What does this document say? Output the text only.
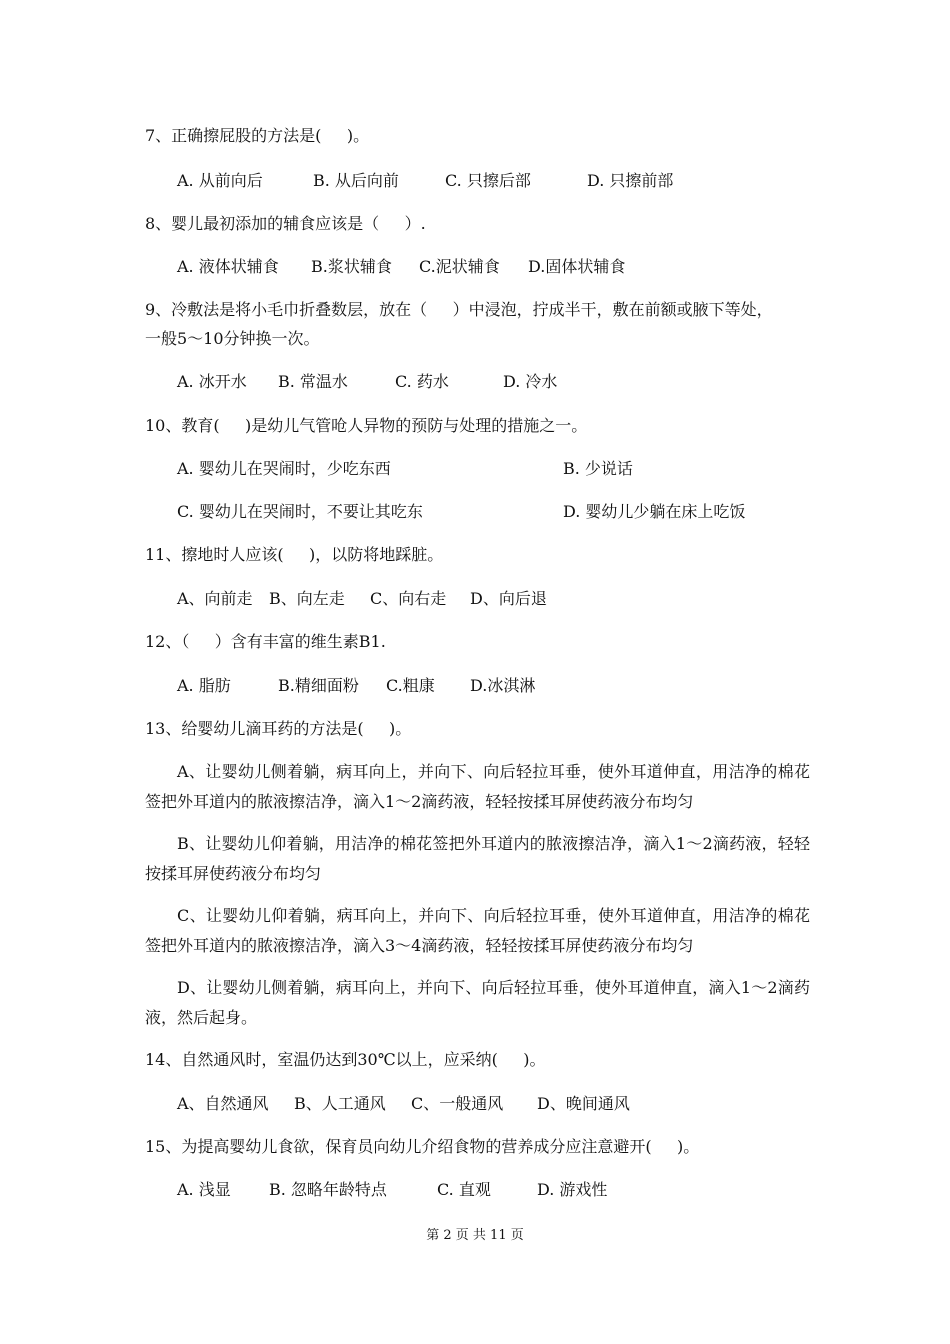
7、正确擦屁股的方法是(     )。
A. 从前向后	B. 从后向前	C. 只擦后部	D. 只擦前部
8、婴儿最初添加的辅食应该是（     ）.
A. 液体状辅食 B.浆状辅食 C.泥状辅食 D.固体状辅食
9、冷敷法是将小毛巾折叠数层，放在（     ）中浸泡，拧成半干，敷在前额或腋下等处，
一般5～10分钟换一次。
A. 冰开水 B. 常温水	C. 药水	D. 冷水
10、教育(     )是幼儿气管呛人异物的预防与处理的措施之一。
A. 婴幼儿在哭闹时，少吃东西	B. 少说话
C. 婴幼儿在哭闹时，不要让其吃东	D. 婴幼儿少躺在床上吃饭
11、擦地时人应该(     )，以防将地踩脏。
A、向前走 B、向左走 C、向右走 D、向后退
12、（     ）含有丰富的维生素B1.
A. 脂肪	B.精细面粉 C.粗康 D.冰淇淋
13、给婴幼儿滴耳药的方法是(     )。
A、让婴幼儿侧着躺，病耳向上，并向下、向后轻拉耳垂，使外耳道伸直，用洁净的棉花签把外耳道内的脓液擦洁净，滴入1～2滴药液，轻轻按揉耳屏使药液分布均匀
B、让婴幼儿仰着躺，用洁净的棉花签把外耳道内的脓液擦洁净，滴入1～2滴药液，轻轻按揉耳屏使药液分布均匀
C、让婴幼儿仰着躺，病耳向上，并向下、向后轻拉耳垂，使外耳道伸直，用洁净的棉花签把外耳道内的脓液擦洁净，滴入3～4滴药液，轻轻按揉耳屏使药液分布均匀
D、让婴幼儿侧着躺，病耳向上，并向下、向后轻拉耳垂，使外耳道伸直，滴入1～2滴药液，然后起身。
14、自然通风时，室温仍达到30℃以上，应采纳(     )。
A、自然通风 B、人工通风 C、一般通风 D、晚间通风
15、为提高婴幼儿食欲，保育员向幼儿介绍食物的营养成分应注意避开(     )。
A. 浅显 B. 忽略年龄特点	C. 直观	D. 游戏性
第 2 页 共 11 页
